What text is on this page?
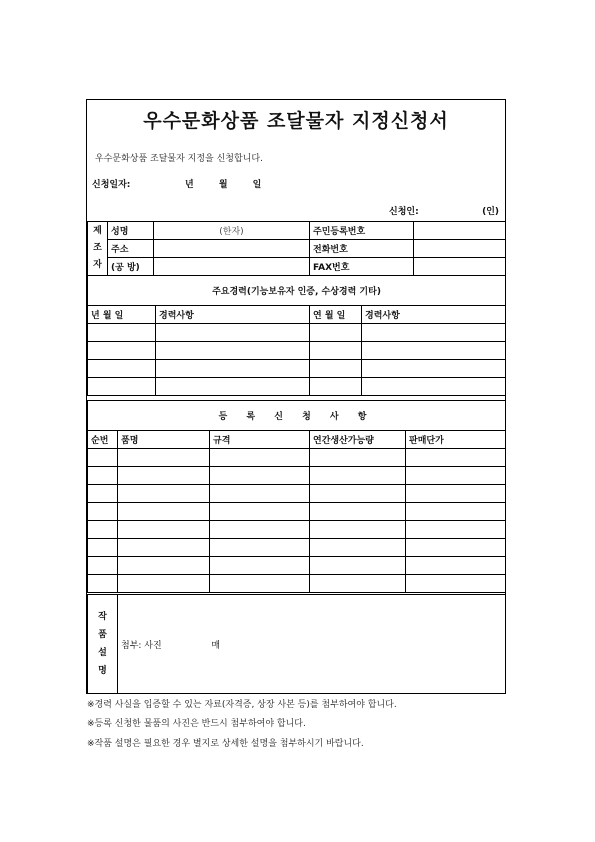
우수문화상품 조달물자 지정신청서
우수문화상품 조달물자 지정을 신청합니다.
신청일자:	년 월 일
신청인:	(인)
제
조
자	성명	(한자)	주민등록번호	
	주소		전화번호	
	(공 방)		FAX번호	
주요경력(기능보유자 인증, 수상경력 기타)			
년 월 일	경력사항	연 월 일	경력사항

등 록 신 청 사 항				
순번	품명	규격	연간생산가능량	판매단가

작
품
설
명
	첨부: 사진	매
※경력 사실을 입증할 수 있는 자료(자격증, 상장 사본 등)를 첨부하여야 합니다.
※등록 신청한 물품의 사진은 반드시 첨부하여야 합니다.
※작품 설명은 필요한 경우 별지로 상세한 설명을 첨부하시기 바랍니다.
